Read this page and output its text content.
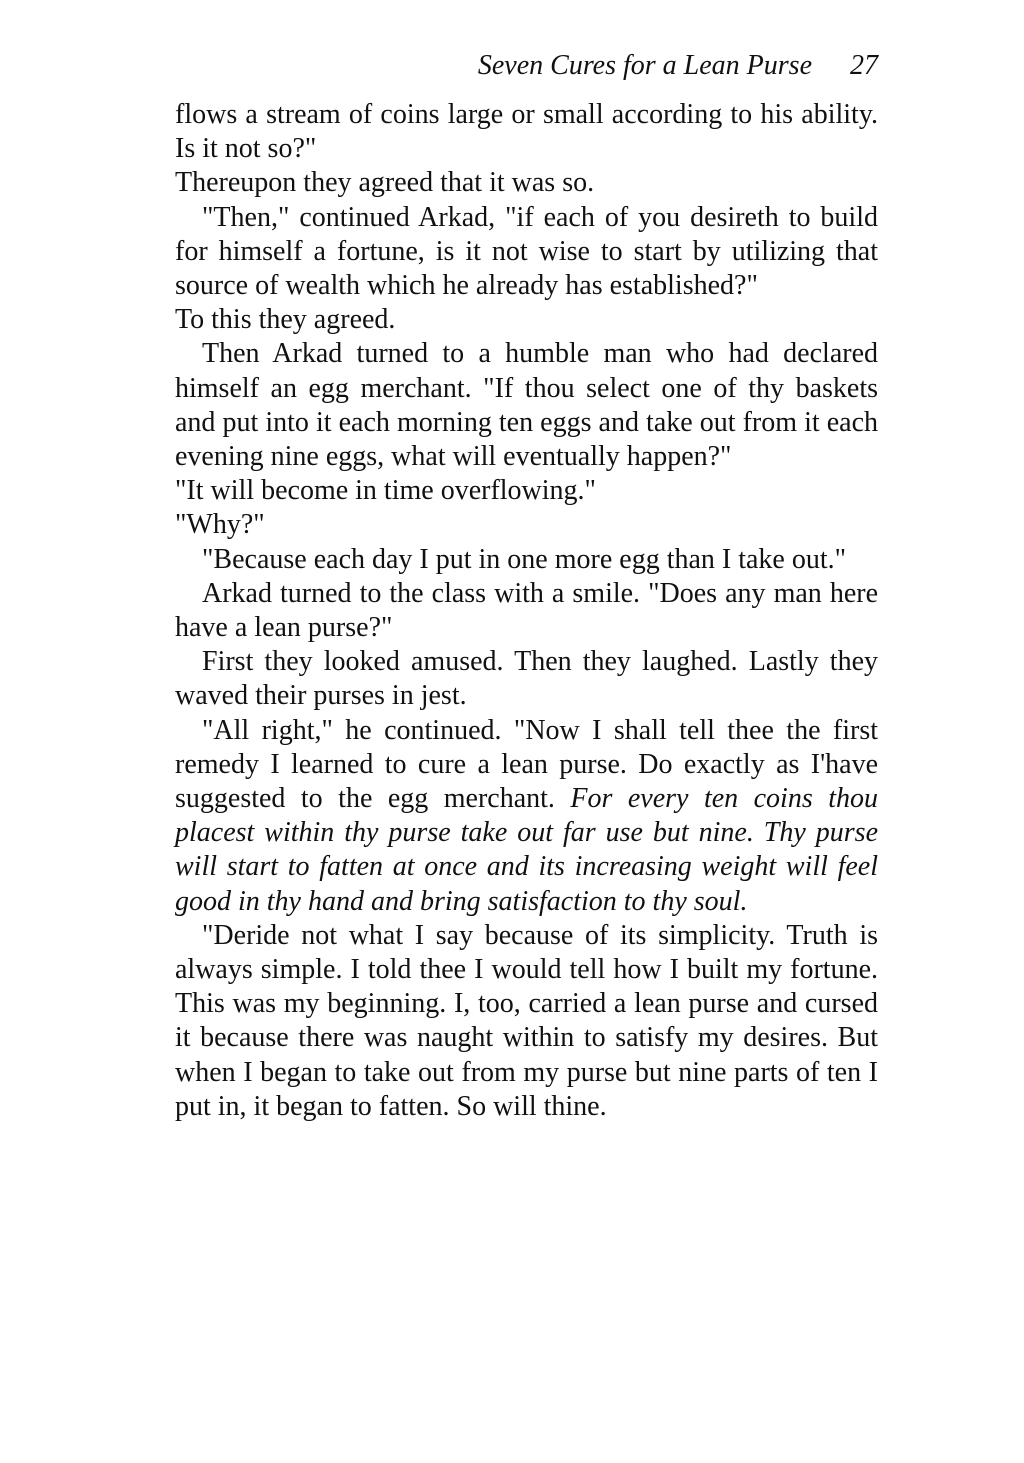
Seven Cures for a Lean Purse 27

flows a stream of coins large or small according to his ability. Is it not so?"

Thereupon they agreed that it was so.

"Then," continued Arkad, "if each of you desireth to build for himself a fortune, is it not wise to start by utilizing that source of wealth which he already has established?"

To this they agreed.

Then Arkad turned to a humble man who had declared himself an egg merchant. "If thou select one of thy baskets and put into it each morning ten eggs and take out from it each evening nine eggs, what will eventually happen?"

"It will become in time overflowing."

"Why?"

"Because each day I put in one more egg than I take out."

Arkad turned to the class with a smile. "Does any man here have a lean purse?"

First they looked amused. Then they laughed. Lastly they waved their purses in jest.

"All right," he continued. "Now I shall tell thee the first remedy I learned to cure a lean purse. Do exactly as I'have suggested to the egg merchant. For every ten coins thou placest within thy purse take out far use but nine. Thy purse will start to fatten at once and its increasing weight will feel good in thy hand and bring satisfaction to thy soul.

"Deride not what I say because of its simplicity. Truth is always simple. I told thee I would tell how I built my fortune. This was my beginning. I, too, carried a lean purse and cursed it because there was naught within to satisfy my desires. But when I began to take out from my purse but nine parts of ten I put in, it began to fatten. So will thine.
